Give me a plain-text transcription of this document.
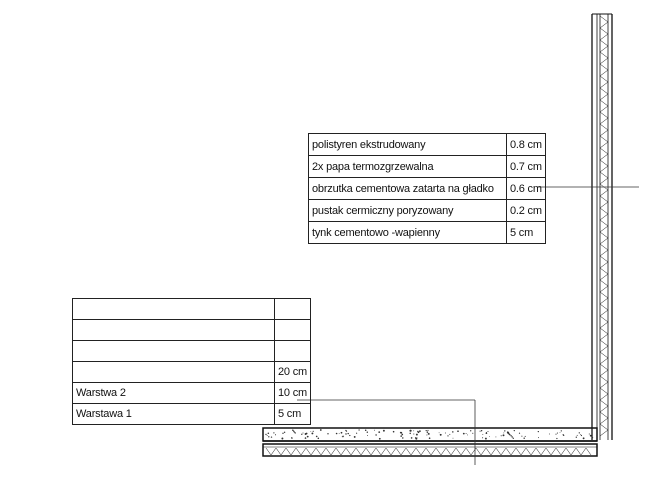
polistyren ekstrudowany	0.8 cm
2x papa termozgrzewalna	0.7 cm
obrzutka cementowa zatarta na gładko	0.6 cm
pustak cermiczny poryzowany	0.2 cm
tynk cementowo -wapienny	5 cm

	20 cm
Warstwa 2	10 cm
Warstawa 1	5 cm
